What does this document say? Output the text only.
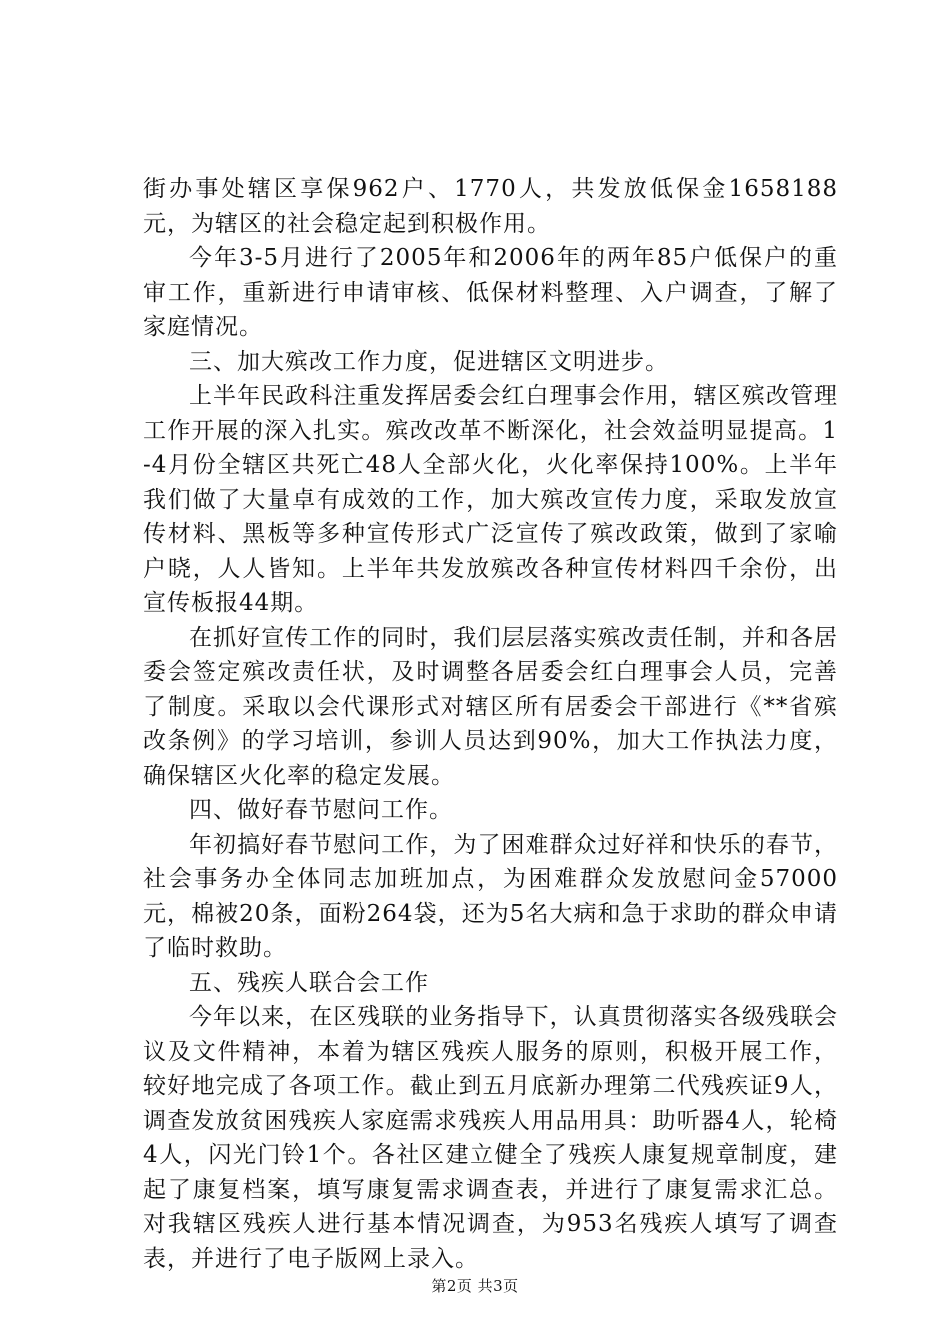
街办事处辖区享保962户、1770人，共发放低保金1658188元，为辖区的社会稳定起到积极作用。

今年3-5月进行了2005年和2006年的两年85户低保户的重审工作，重新进行申请审核、低保材料整理、入户调查，了解了家庭情况。

三、加大殡改工作力度，促进辖区文明进步。

上半年民政科注重发挥居委会红白理事会作用，辖区殡改管理工作开展的深入扎实。殡改改革不断深化，社会效益明显提高。1-4月份全辖区共死亡48人全部火化，火化率保持100%。上半年我们做了大量卓有成效的工作，加大殡改宣传力度，采取发放宣传材料、黑板等多种宣传形式广泛宣传了殡改政策，做到了家喻户晓，人人皆知。上半年共发放殡改各种宣传材料四千余份，出宣传板报44期。

在抓好宣传工作的同时，我们层层落实殡改责任制，并和各居委会签定殡改责任状，及时调整各居委会红白理事会人员，完善了制度。采取以会代课形式对辖区所有居委会干部进行《**省殡改条例》的学习培训，参训人员达到90%，加大工作执法力度，确保辖区火化率的稳定发展。

四、做好春节慰问工作。

年初搞好春节慰问工作，为了困难群众过好祥和快乐的春节，社会事务办全体同志加班加点，为困难群众发放慰问金57000元，棉被20条，面粉264袋，还为5名大病和急于求助的群众申请了临时救助。

五、残疾人联合会工作

今年以来，在区残联的业务指导下，认真贯彻落实各级残联会议及文件精神，本着为辖区残疾人服务的原则，积极开展工作，较好地完成了各项工作。截止到五月底新办理第二代残疾证9人，调查发放贫困残疾人家庭需求残疾人用品用具：助听器4人，轮椅4人，闪光门铃1个。各社区建立健全了残疾人康复规章制度，建起了康复档案，填写康复需求调查表，并进行了康复需求汇总。对我辖区残疾人进行基本情况调查，为953名残疾人填写了调查表，并进行了电子版网上录入。

第2页 共3页
